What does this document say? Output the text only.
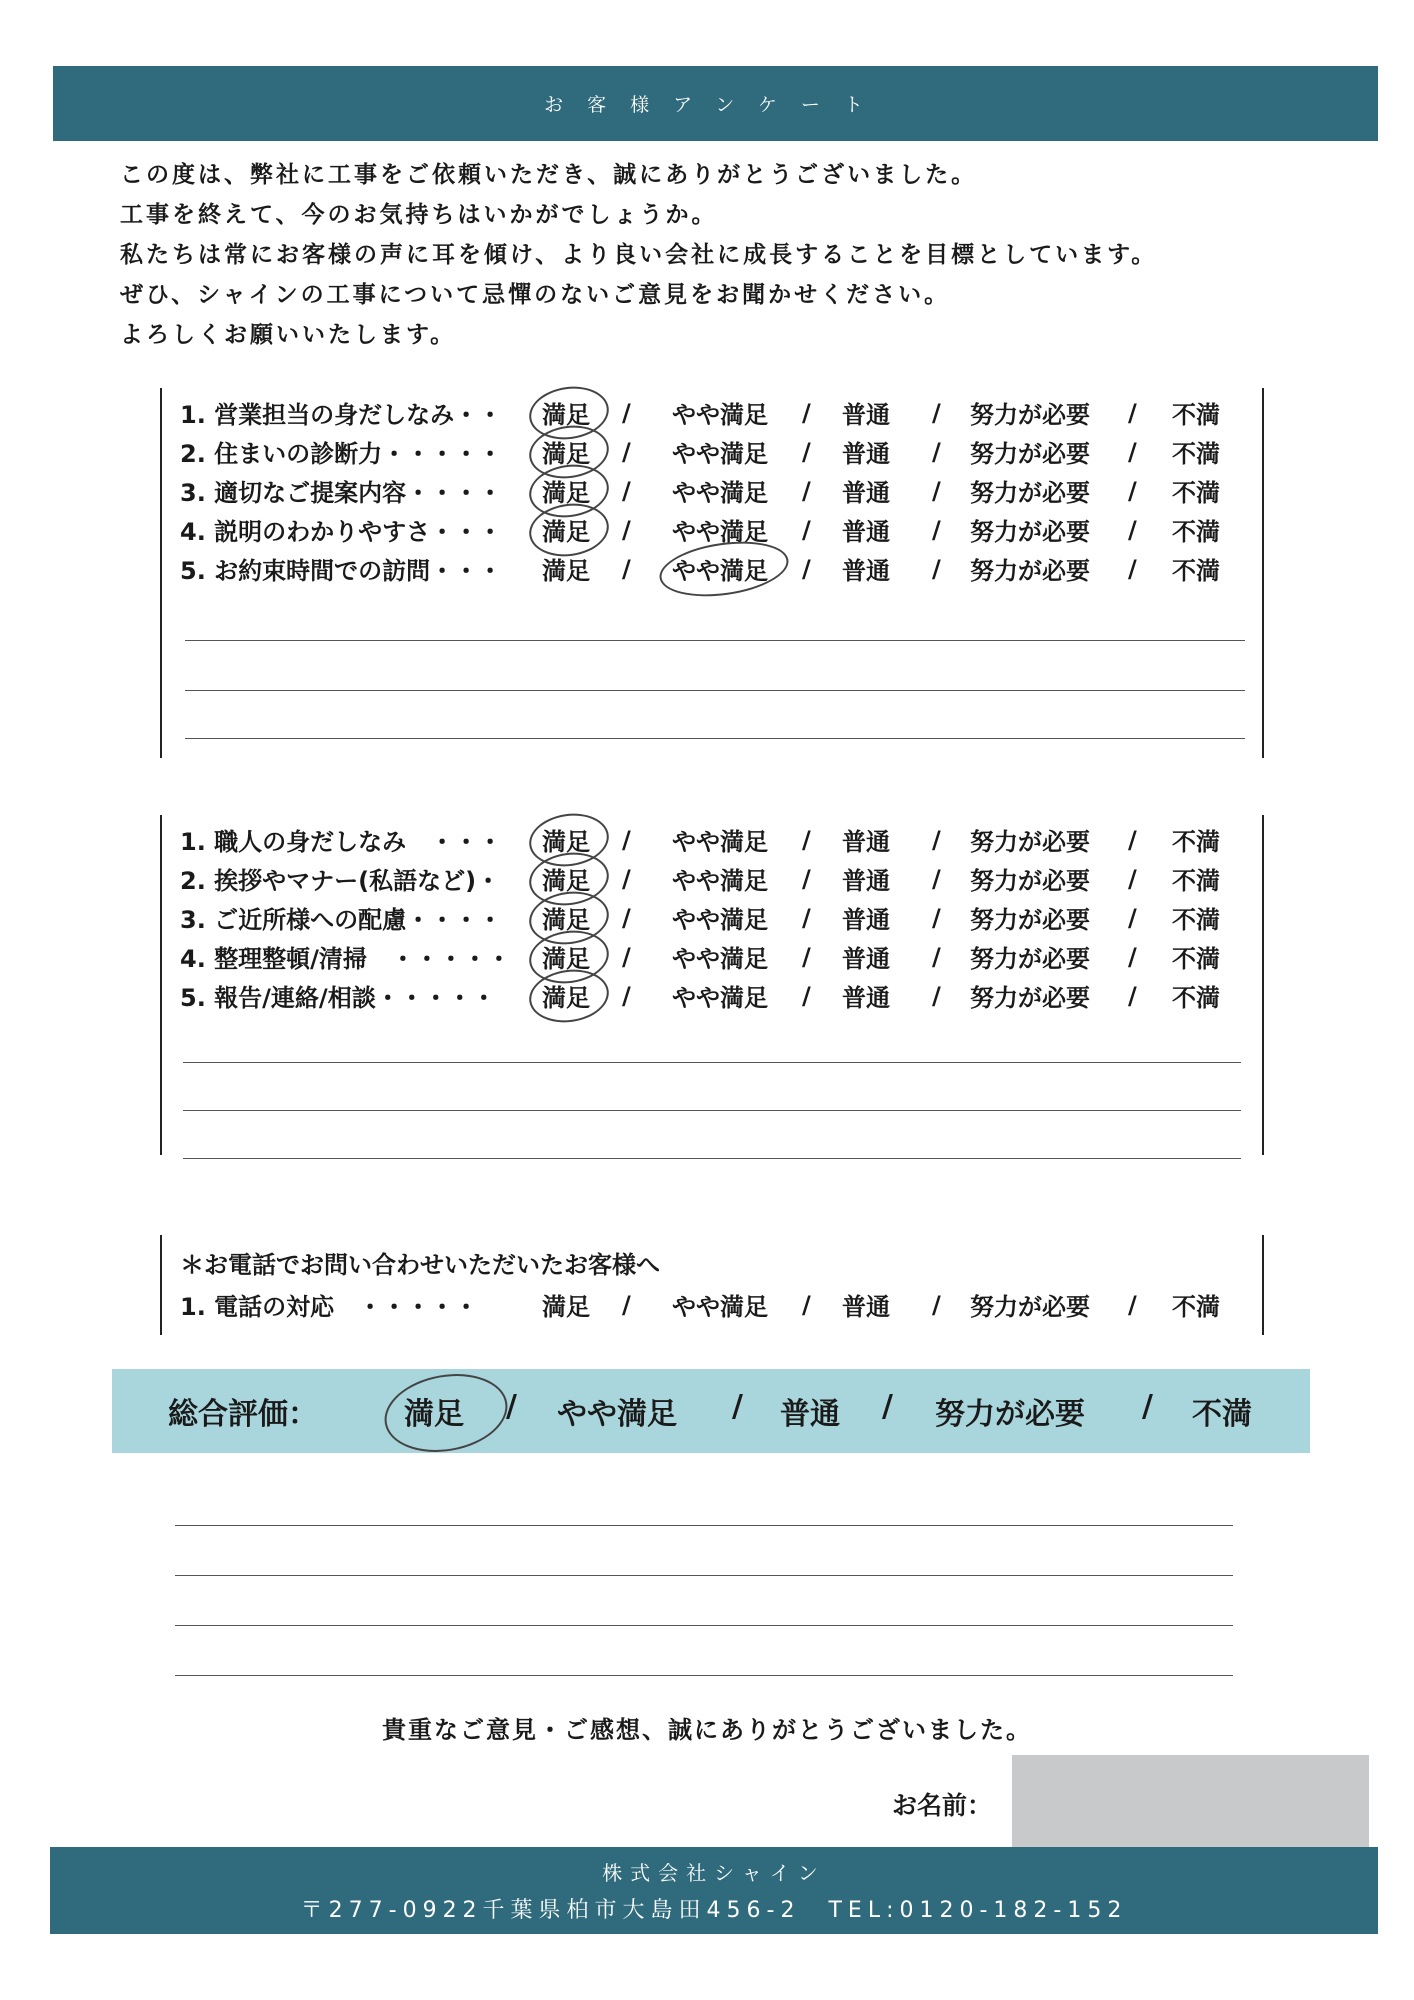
お客様アンケート
この度は、弊社に工事をご依頼いただき、誠にありがとうございました。
工事を終えて、今のお気持ちはいかがでしょうか。
私たちは常にお客様の声に耳を傾け、より良い会社に成長することを目標としています。
ぜひ、シャインの工事について忌憚のないご意見をお聞かせください。
よろしくお願いいたします。
1. 営業担当の身だしなみ・・ 満足	やや満足	普通	努力が必要	不満
/	/	/	/
2. 住まいの診断力・・・・・ 満足	やや満足	普通	努力が必要	不満
/	/	/	/
3. 適切なご提案内容・・・・ 満足	やや満足	普通	努力が必要	不満
/	/	/	/
4. 説明のわかりやすさ・・・ 満足	やや満足	普通	努力が必要	不満
/	/	/	/
5. お約束時間での訪問・・・ 満足	やや満足	普通	努力が必要	不満
/	/	/	/
1. 職人の身だしなみ　・・・ 満足	やや満足	普通	努力が必要	不満
/	/	/	/
2. 挨拶やマナー(私語など)・ 満足	やや満足	普通	努力が必要	不満
/	/	/	/
3. ご近所様への配慮・・・・ 満足	やや満足	普通	努力が必要	不満
/	/	/	/
4. 整理整頓/清掃　・・・・・ 満足	やや満足	普通	努力が必要	不満
/	/	/	/
5. 報告/連絡/相談・・・・・ 満足	やや満足	普通	努力が必要	不満
/	/	/	/
＊お電話でお問い合わせいただいたお客様へ
1. 電話の対応　・・・・・	満足	やや満足	普通	努力が必要	不満
/	/	/	/
総合評価：	満足 / やや満足 / 普通 / 努力が必要 / 不満
貴重なご意見・ご感想、誠にありがとうございました。
お名前：
株式会社シャイン
〒277-0922千葉県柏市大島田456-2　TEL:0120-182-152
